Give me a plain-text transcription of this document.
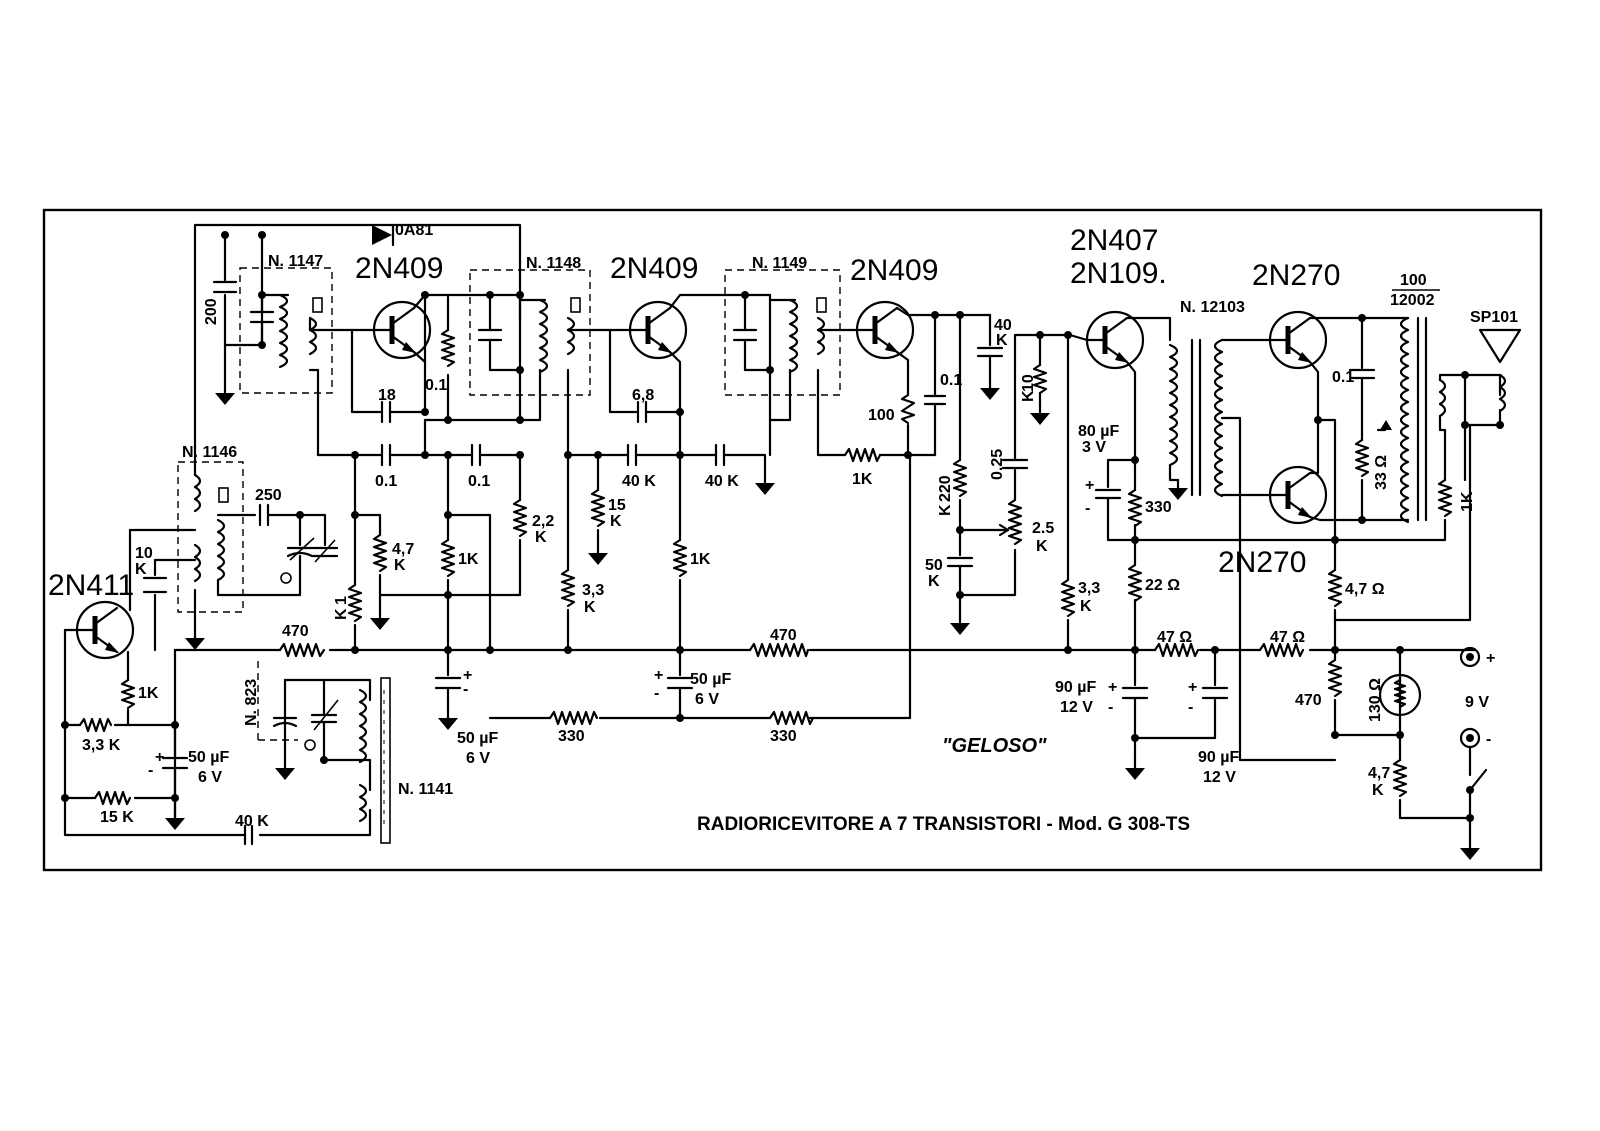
2N411
2N409	2N409	2N409
2N407
2N109.	2N270
2N270
0A81
N. 1146
N. 1147	N. 1148	N. 1149
N. 823
N. 1141
N. 12103
100
12002
SP101
200
250
10
K
18
0.1	0.1
0.1
6,8
40 K	40 K
15
K
2,2
K
4,7
K	1K
1
K
3,3
K
1K
100
1K
0.1
40
K
10
K
0.25
220
K
50
K
2.5
K
3,3
K
80 µF
3 V
+
-	330
22 Ω
0.1
33 Ω
1K
4,7 Ω
47 Ω	47 Ω
470	470
470	130 Ω
4,7
K
1K
3,3 K
15 K	40 K
50 µF
6 V
+
-
50 µF
6 V
+
-
50 µF
6 V
+
-
330	330
90 µF
12 V
+
-
90 µF
12 V
+
-
+
-
9 V
"GELOSO"
RADIORICEVITORE A 7 TRANSISTORI - Mod. G 308-TS
